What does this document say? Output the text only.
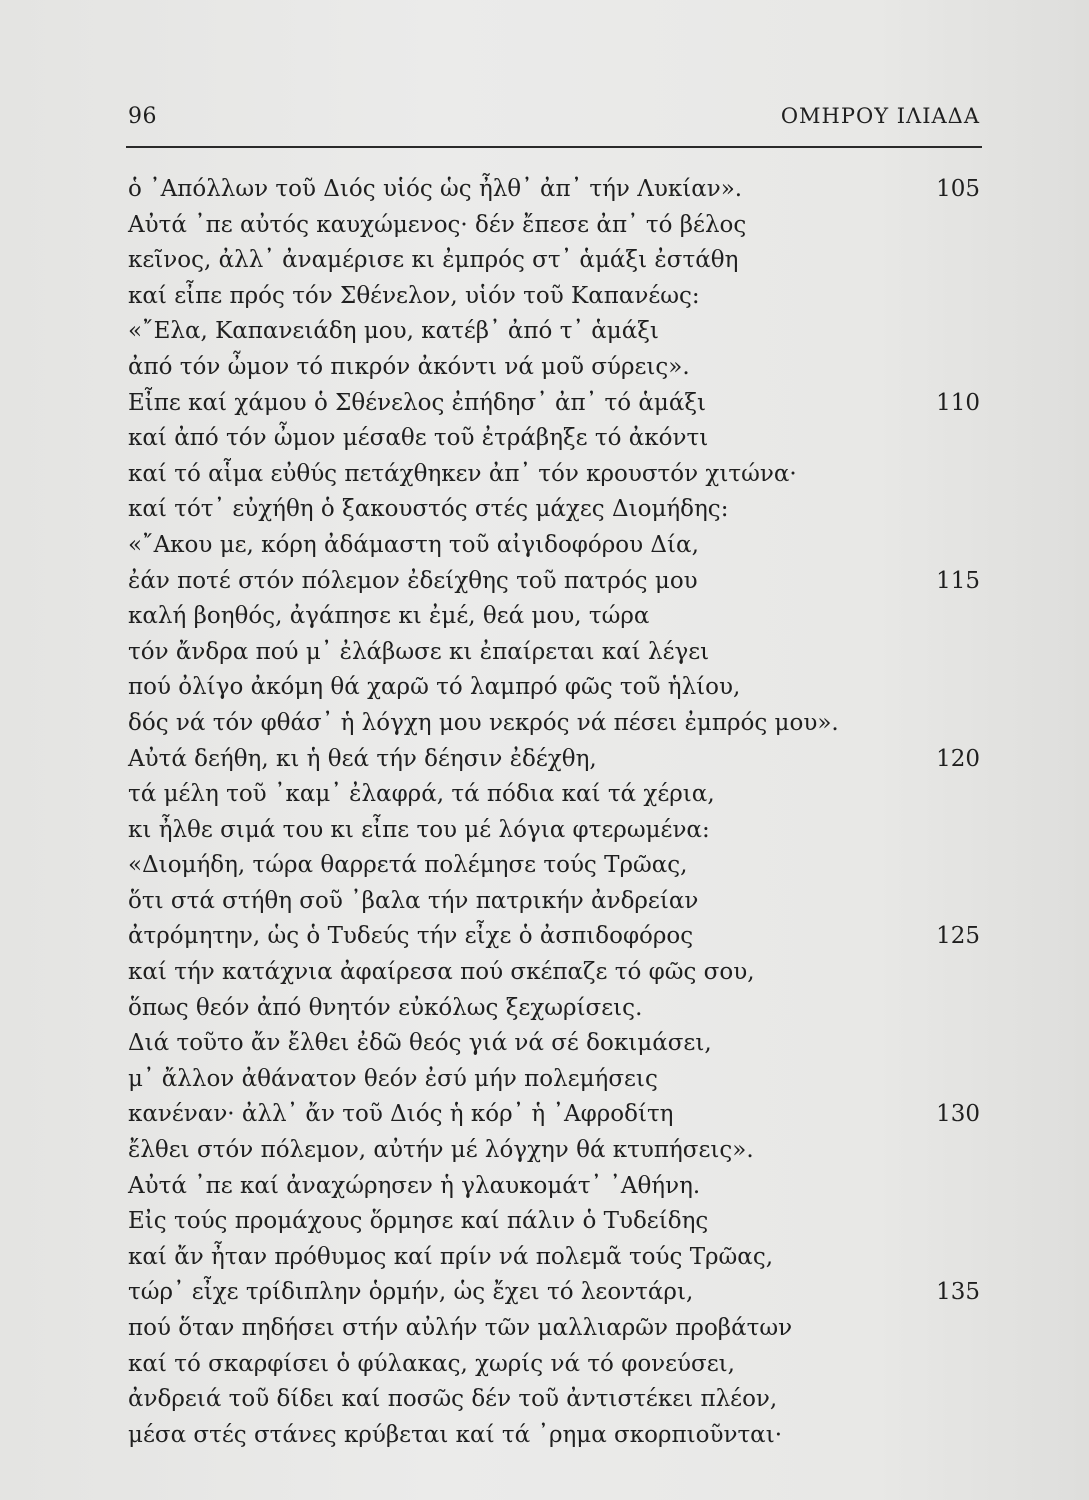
96	ΟΜΗΡΟΥ ΙΛΙΑΔΑ
ὁ ᾿Απόλλων τοῦ Διός υἱός ὡς ἦλθ᾿ ἀπ᾿ τήν Λυκίαν».	105
Αὐτά ᾿πε αὐτός καυχώμενος· δέν ἔπεσε ἀπ᾿ τό βέλος
κεῖνος, ἀλλ᾿ ἀναμέρισε κι ἐμπρός στ᾿ ἁμάξι ἐστάθη
καί εἶπε πρός τόν Σθένελον, υἱόν τοῦ Καπανέως:
«῎Ελα, Καπανειάδη μου, κατέβ᾿ ἀπό τ᾿ ἁμάξι
ἀπό τόν ὦμον τό πικρόν ἀκόντι νά μοῦ σύρεις».
Εἶπε καί χάμου ὁ Σθένελος ἐπήδησ᾿ ἀπ᾿ τό ἁμάξι	110
καί ἀπό τόν ὦμον μέσαθε τοῦ ἐτράβηξε τό ἀκόντι
καί τό αἷμα εὐθύς πετάχθηκεν ἀπ᾿ τόν κρουστόν χιτώνα·
καί τότ᾿ εὐχήθη ὁ ξακουστός στές μάχες Διομήδης:
«῎Ακου με, κόρη ἀδάμαστη τοῦ αἰγιδοφόρου Δία,
ἐάν ποτέ στόν πόλεμον ἐδείχθης τοῦ πατρός μου	115
καλή βοηθός, ἀγάπησε κι ἐμέ, θεά μου, τώρα
τόν ἄνδρα πού μ᾿ ἐλάβωσε κι ἐπαίρεται καί λέγει
πού ὀλίγο ἀκόμη θά χαρῶ τό λαμπρό φῶς τοῦ ἡλίου,
δός νά τόν φθάσ᾿ ἡ λόγχη μου νεκρός νά πέσει ἐμπρός μου».
Αὐτά δεήθη, κι ἡ θεά τήν δέησιν ἐδέχθη,	120
τά μέλη τοῦ ᾿καμ᾿ ἐλαφρά, τά πόδια καί τά χέρια,
κι ἦλθε σιμά του κι εἶπε του μέ λόγια φτερωμένα:
«Διομήδη, τώρα θαρρετά πολέμησε τούς Τρῶας,
ὅτι στά στήθη σοῦ ᾿βαλα τήν πατρικήν ἀνδρείαν
ἀτρόμητην, ὡς ὁ Τυδεύς τήν εἶχε ὁ ἀσπιδοφόρος	125
καί τήν κατάχνια ἀφαίρεσα πού σκέπαζε τό φῶς σου,
ὅπως θεόν ἀπό θνητόν εὐκόλως ξεχωρίσεις.
Διά τοῦτο ἄν ἔλθει ἐδῶ θεός γιά νά σέ δοκιμάσει,
μ᾿ ἄλλον ἀθάνατον θεόν ἐσύ μήν πολεμήσεις
κανέναν· ἀλλ᾿ ἄν τοῦ Διός ἡ κόρ᾿ ἡ ᾿Αφροδίτη	130
ἔλθει στόν πόλεμον, αὐτήν μέ λόγχην θά κτυπήσεις».
Αὐτά ᾿πε καί ἀναχώρησεν ἡ γλαυκομάτ᾿ ᾿Αθήνη.
Εἰς τούς προμάχους ὅρμησε καί πάλιν ὁ Τυδείδης
καί ἄν ἦταν πρόθυμος καί πρίν νά πολεμᾶ τούς Τρῶας,
τώρ᾿ εἶχε τρίδιπλην ὁρμήν, ὡς ἔχει τό λεοντάρι,	135
πού ὅταν πηδήσει στήν αὐλήν τῶν μαλλιαρῶν προβάτων
καί τό σκαρφίσει ὁ φύλακας, χωρίς νά τό φονεύσει,
ἀνδρειά τοῦ δίδει καί ποσῶς δέν τοῦ ἀντιστέκει πλέον,
μέσα στές στάνες κρύβεται καί τά ᾿ρημα σκορπιοῦνται·
